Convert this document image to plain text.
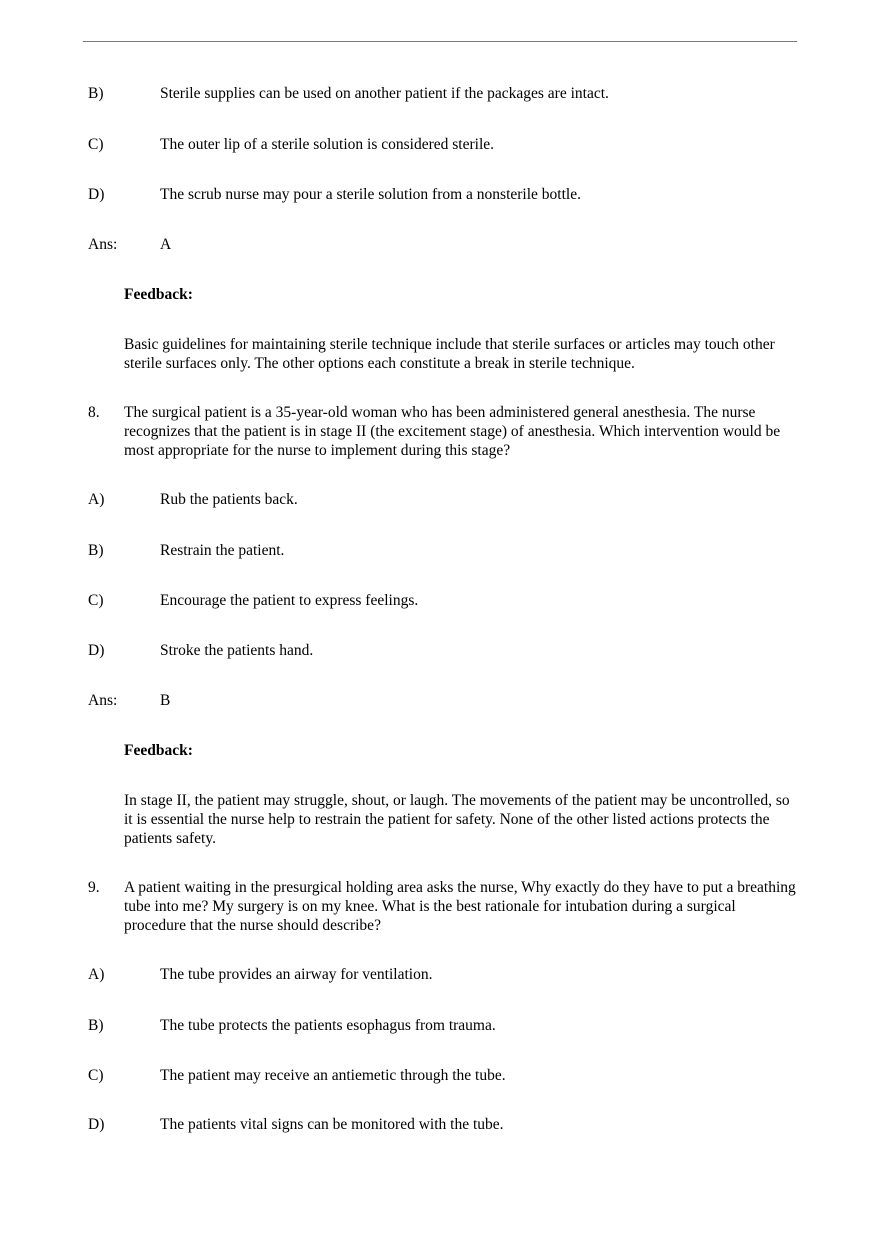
B)	Sterile supplies can be used on another patient if the packages are intact.
C)	The outer lip of a sterile solution is considered sterile.
D)	The scrub nurse may pour a sterile solution from a nonsterile bottle.
Ans:	A
Feedback:
Basic guidelines for maintaining sterile technique include that sterile surfaces or articles may touch other sterile surfaces only. The other options each constitute a break in sterile technique.
8. The surgical patient is a 35-year-old woman who has been administered general anesthesia. The nurse recognizes that the patient is in stage II (the excitement stage) of anesthesia. Which intervention would be most appropriate for the nurse to implement during this stage?
A)	Rub the patients back.
B)	Restrain the patient.
C)	Encourage the patient to express feelings.
D)	Stroke the patients hand.
Ans:	B
Feedback:
In stage II, the patient may struggle, shout, or laugh. The movements of the patient may be uncontrolled, so it is essential the nurse help to restrain the patient for safety. None of the other listed actions protects the patients safety.
9. A patient waiting in the presurgical holding area asks the nurse, Why exactly do they have to put a breathing tube into me? My surgery is on my knee. What is the best rationale for intubation during a surgical procedure that the nurse should describe?
A)	The tube provides an airway for ventilation.
B)	The tube protects the patients esophagus from trauma.
C)	The patient may receive an antiemetic through the tube.
D)	The patients vital signs can be monitored with the tube.
